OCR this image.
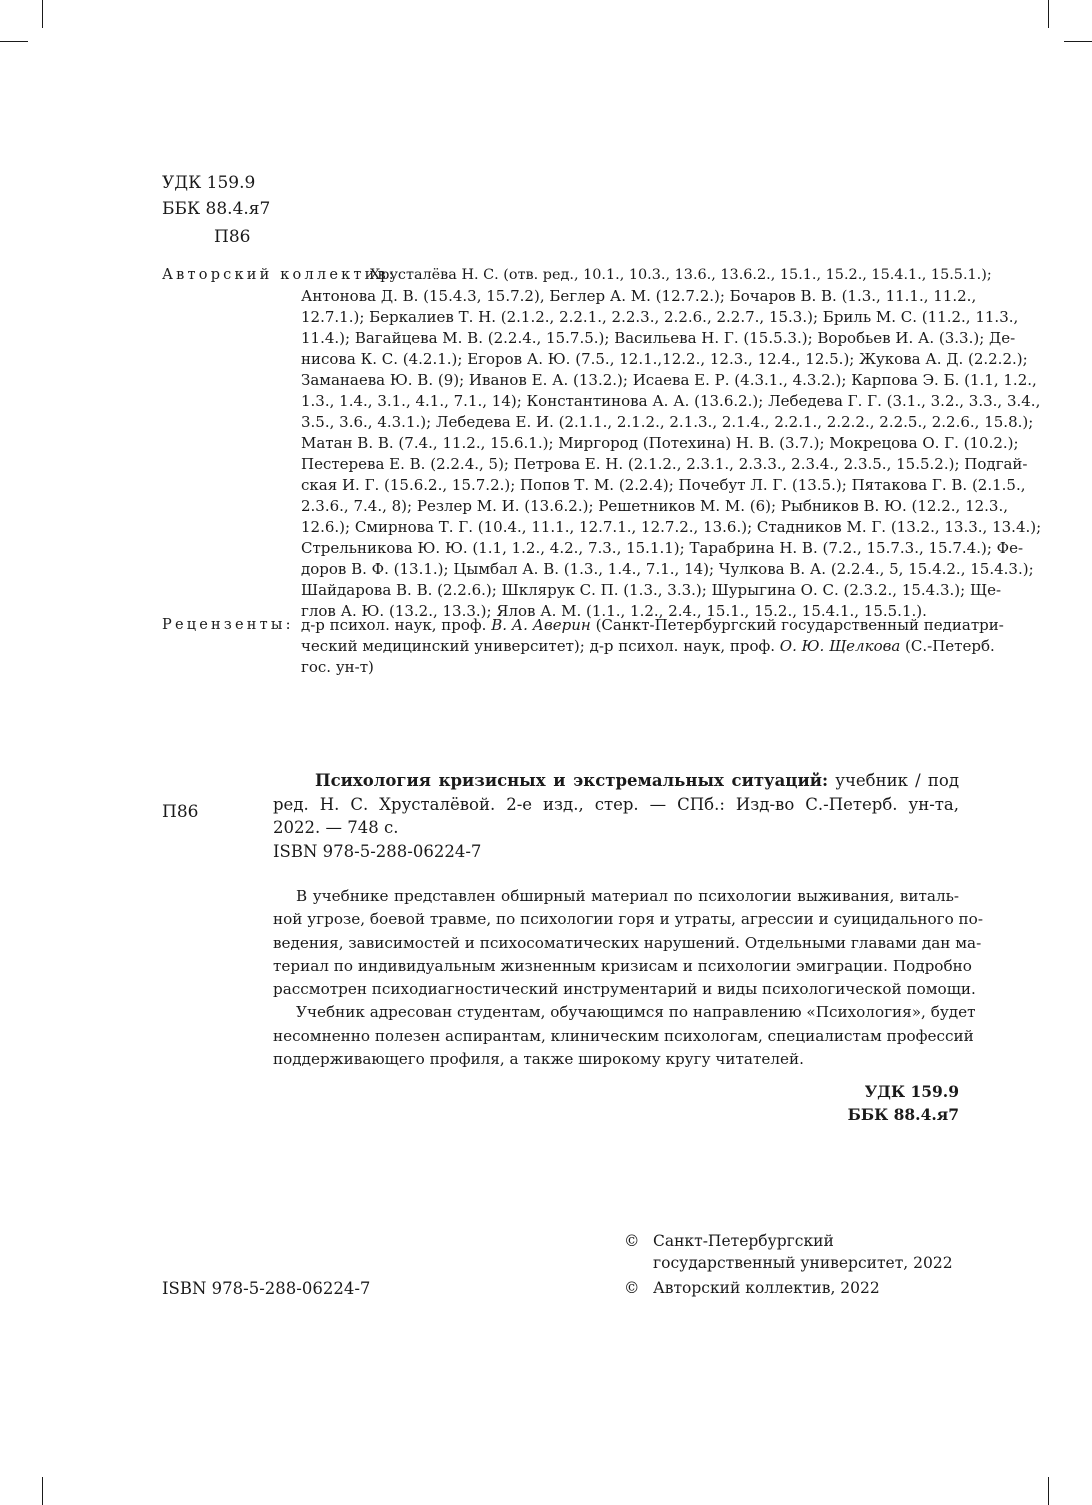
УДК 159.9
ББК 88.4.я7
П86
Авторский коллектив:
Хрусталёва Н. С. (отв. ред., 10.1., 10.3., 13.6., 13.6.2., 15.1., 15.2., 15.4.1., 15.5.1.);
Антонова Д. В. (15.4.3, 15.7.2), Беглер А. М. (12.7.2.); Бочаров В. В. (1.3., 11.1., 11.2.,
12.7.1.); Беркалиев Т. Н. (2.1.2., 2.2.1., 2.2.3., 2.2.6., 2.2.7., 15.3.); Бриль М. С. (11.2., 11.3.,
11.4.); Вагайцева М. В. (2.2.4., 15.7.5.); Васильева Н. Г. (15.5.3.); Воробьев И. А. (3.3.); Де-
нисова К. С. (4.2.1.); Егоров А. Ю. (7.5., 12.1.,12.2., 12.3., 12.4., 12.5.); Жукова А. Д. (2.2.2.);
Заманаева Ю. В. (9); Иванов Е. А. (13.2.); Исаева Е. Р. (4.3.1., 4.3.2.); Карпова Э. Б. (1.1, 1.2.,
1.3., 1.4., 3.1., 4.1., 7.1., 14); Константинова А. А. (13.6.2.); Лебедева Г. Г. (3.1., 3.2., 3.3., 3.4.,
3.5., 3.6., 4.3.1.); Лебедева Е. И. (2.1.1., 2.1.2., 2.1.3., 2.1.4., 2.2.1., 2.2.2., 2.2.5., 2.2.6., 15.8.);
Матан В. В. (7.4., 11.2., 15.6.1.); Миргород (Потехина) Н. В. (3.7.); Мокрецова О. Г. (10.2.);
Пестерева Е. В. (2.2.4., 5); Петрова Е. Н. (2.1.2., 2.3.1., 2.3.3., 2.3.4., 2.3.5., 15.5.2.); Подгай-
ская И. Г. (15.6.2., 15.7.2.); Попов Т. М. (2.2.4); Почебут Л. Г. (13.5.); Пятакова Г. В. (2.1.5.,
2.3.6., 7.4., 8); Резлер М. И. (13.6.2.); Решетников М. М. (6); Рыбников В. Ю. (12.2., 12.3.,
12.6.); Смирнова Т. Г. (10.4., 11.1., 12.7.1., 12.7.2., 13.6.); Стадников М. Г. (13.2., 13.3., 13.4.);
Стрельникова Ю. Ю. (1.1, 1.2., 4.2., 7.3., 15.1.1); Тарабрина Н. В. (7.2., 15.7.3., 15.7.4.); Фе-
доров В. Ф. (13.1.); Цымбал А. В. (1.3., 1.4., 7.1., 14); Чулкова В. А. (2.2.4., 5, 15.4.2., 15.4.3.);
Шайдарова В. В. (2.2.6.); Шклярук С. П. (1.3., 3.3.); Шурыгина О. С. (2.3.2., 15.4.3.); Ще-
глов А. Ю. (13.2., 13.3.); Ялов А. М. (1.1., 1.2., 2.4., 15.1., 15.2., 15.4.1., 15.5.1.).
Рецензенты: д-р психол. наук, проф. В. А. Аверин (Санкт-Петербургский государственный педиатри-
ческий медицинский университет); д-р психол. наук, проф. О. Ю. Щелкова (С.-Петерб.
гос. ун-т)
П86
Психология кризисных и экстремальных ситуаций: учебник / под
ред. Н. С. Хрусталёвой. 2-е изд., стер. — СПб.: Изд-во С.-Петерб. ун-та,
2022. — 748 с.
ISBN 978-5-288-06224-7
В учебнике представлен обширный материал по психологии выживания, виталь-
ной угрозе, боевой травме, по психологии горя и утраты, агрессии и суицидального по-
ведения, зависимостей и психосоматических нарушений. Отдельными главами дан ма-
териал по индивидуальным жизненным кризисам и психологии эмиграции. Подробно
рассмотрен психодиагностический инструментарий и виды психологической помощи.
Учебник адресован студентам, обучающимся по направлению «Психология», будет
несомненно полезен аспирантам, клиническим психологам, специалистам профессий
поддерживающего профиля, а также широкому кругу читателей.
УДК 159.9
ББК 88.4.я7
© Санкт-Петербургский
государственный университет, 2022
© Авторский коллектив, 2022
ISBN 978-5-288-06224-7
